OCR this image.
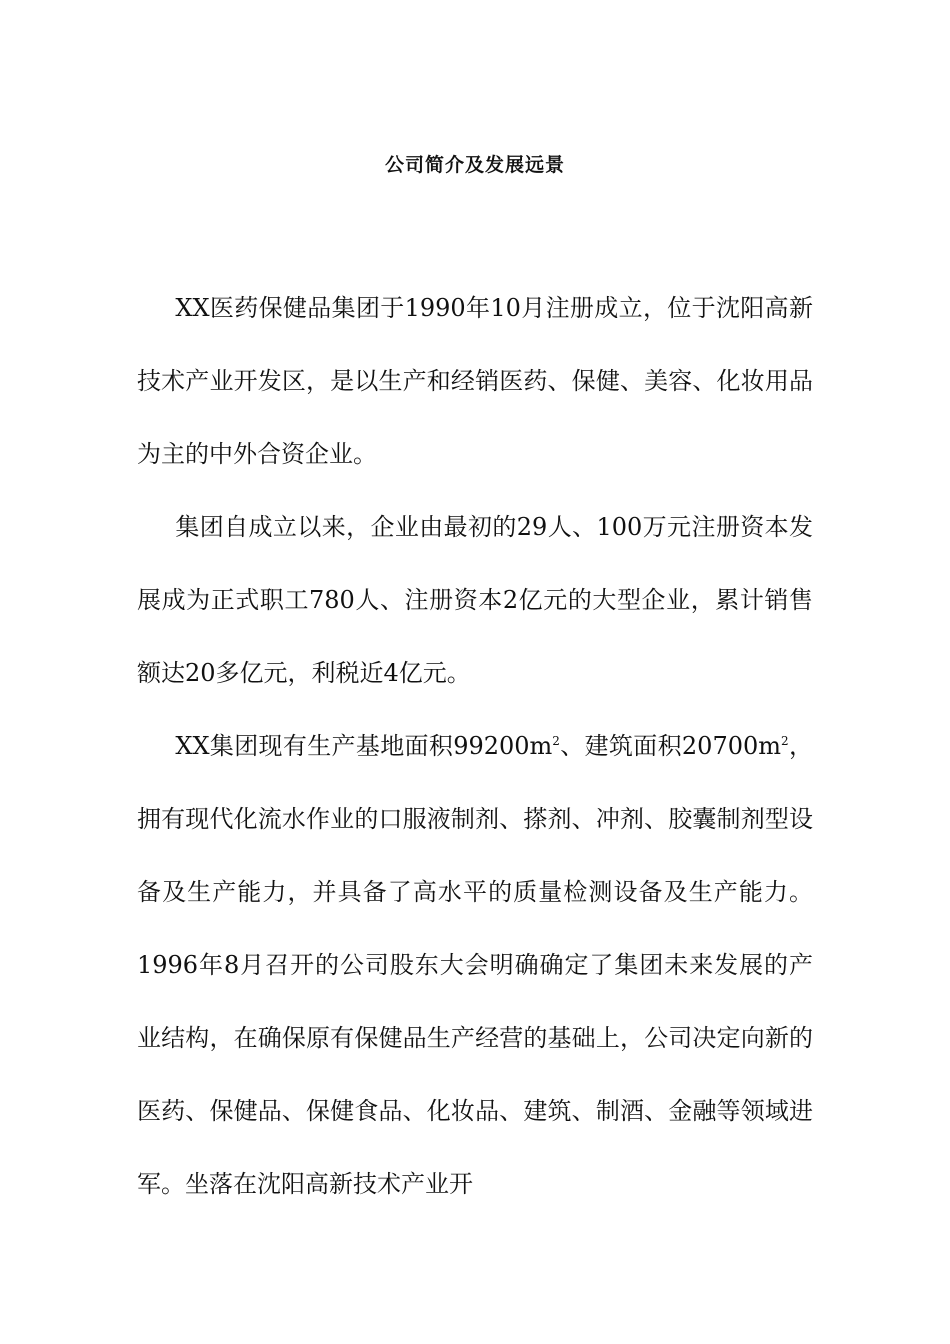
公司简介及发展远景

XX医药保健品集团于1990年10月注册成立，位于沈阳高新技术产业开发区，是以生产和经销医药、保健、美容、化妆用品为主的中外合资企业。

集团自成立以来，企业由最初的29人、100万元注册资本发展成为正式职工780人、注册资本2亿元的大型企业，累计销售额达20多亿元，利税近4亿元。

XX集团现有生产基地面积$99200m^2$、建筑面积$20700m^2$，拥有现代化流水作业的口服液制剂、搽剂、冲剂、胶囊制剂型设备及生产能力，并具备了高水平的质量检测设备及生产能力。1996年8月召开的公司股东大会明确确定了集团未来发展的产业结构，在确保原有保健品生产经营的基础上，公司决定向新的医药、保健品、保健食品、化妆品、建筑、制酒、金融等领域进军。坐落在沈阳高新技术产业开
